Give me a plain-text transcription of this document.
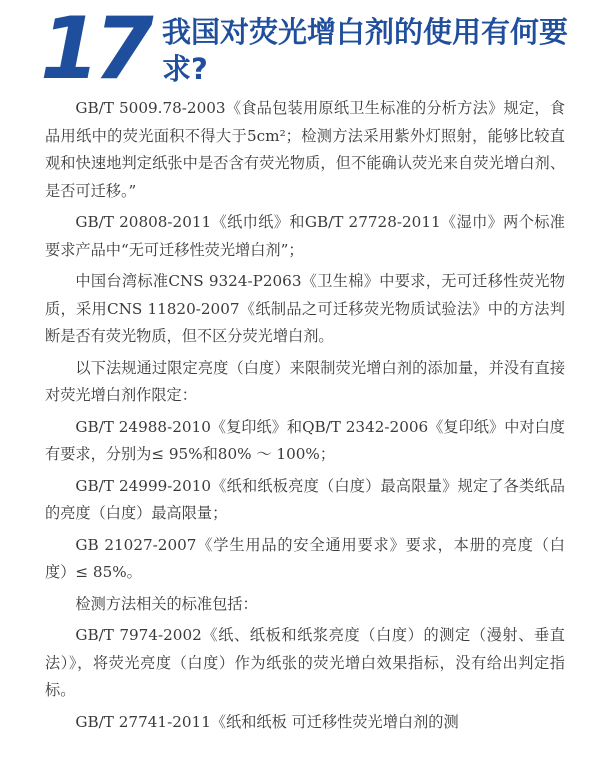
17 我国对荧光增白剂的使用有何要求?

GB/T 5009.78-2003《食品包装用原纸卫生标准的分析方法》规定，食品用纸中的荧光面积不得大于5cm²；检测方法采用紫外灯照射，能够比较直观和快速地判定纸张中是否含有荧光物质，但不能确认荧光来自荧光增白剂、是否可迁移。”

GB/T 20808-2011《纸巾纸》和GB/T 27728-2011《湿巾》两个标准要求产品中“无可迁移性荧光增白剂”；

中国台湾标准CNS 9324-P2063《卫生棉》中要求，无可迁移性荧光物质，采用CNS 11820-2007《纸制品之可迁移荧光物质试验法》中的方法判断是否有荧光物质，但不区分荧光增白剂。

以下法规通过限定亮度（白度）来限制荧光增白剂的添加量，并没有直接对荧光增白剂作限定：

GB/T 24988-2010《复印纸》和QB/T 2342-2006《复印纸》中对白度有要求，分别为≤ 95%和80% ～ 100%；

GB/T 24999-2010《纸和纸板亮度（白度）最高限量》规定了各类纸品的亮度（白度）最高限量；

GB 21027-2007《学生用品的安全通用要求》要求，本册的亮度（白度）≤ 85%。

检测方法相关的标准包括：

GB/T 7974-2002《纸、纸板和纸浆亮度（白度）的测定（漫射、垂直法）》，将荧光亮度（白度）作为纸张的荧光增白效果指标，没有给出判定指标。

GB/T 27741-2011《纸和纸板 可迁移性荧光增白剂的测
